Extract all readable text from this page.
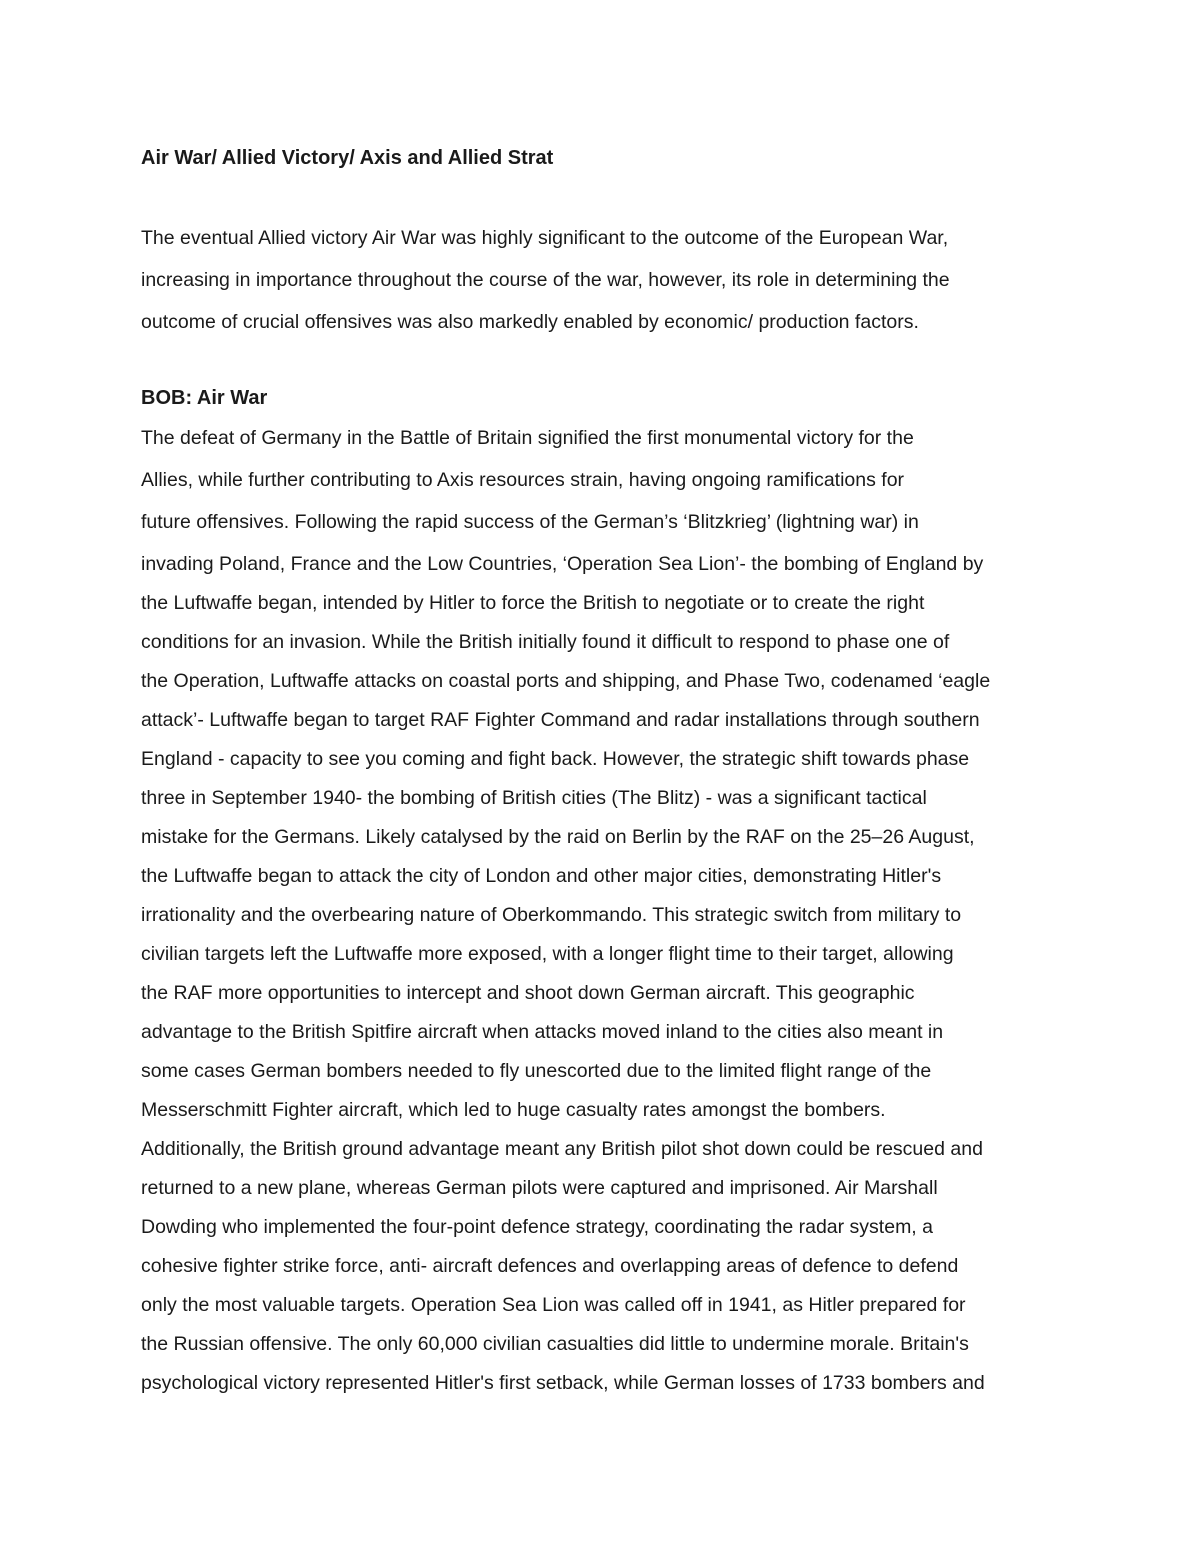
Air War/ Allied Victory/ Axis and Allied Strat
The eventual Allied victory Air War was highly significant to the outcome of the European War,
increasing in importance throughout the course of the war, however, its role in determining the
outcome of crucial offensives was also markedly enabled by economic/ production factors.
BOB: Air War
The defeat of Germany in the Battle of Britain signified the first monumental victory for the
Allies, while further contributing to Axis resources strain, having ongoing ramifications for
future offensives. Following the rapid success of the German’s ‘Blitzkrieg’ (lightning war) in
invading Poland, France and the Low Countries, ‘Operation Sea Lion’- the bombing of England by
the Luftwaffe began, intended by Hitler to force the British to negotiate or to create the right
conditions for an invasion. While the British initially found it difficult to respond to phase one of
the Operation, Luftwaffe attacks on coastal ports and shipping, and Phase Two, codenamed ‘eagle
attack’- Luftwaffe began to target RAF Fighter Command and radar installations through southern
England - capacity to see you coming and fight back. However, the strategic shift towards phase
three in September 1940- the bombing of British cities (The Blitz) - was a significant tactical
mistake for the Germans. Likely catalysed by the raid on Berlin by the RAF on the 25–26 August,
the Luftwaffe began to attack the city of London and other major cities, demonstrating Hitler's
irrationality and the overbearing nature of Oberkommando. This strategic switch from military to
civilian targets left the Luftwaffe more exposed, with a longer flight time to their target, allowing
the RAF more opportunities to intercept and shoot down German aircraft. This geographic
advantage to the British Spitfire aircraft when attacks moved inland to the cities also meant in
some cases German bombers needed to fly unescorted due to the limited flight range of the
Messerschmitt Fighter aircraft, which led to huge casualty rates amongst the bombers.
Additionally, the British ground advantage meant any British pilot shot down could be rescued and
returned to a new plane, whereas German pilots were captured and imprisoned. Air Marshall
Dowding who implemented the four-point defence strategy, coordinating the radar system, a
cohesive fighter strike force, anti- aircraft defences and overlapping areas of defence to defend
only the most valuable targets. Operation Sea Lion was called off in 1941, as Hitler prepared for
the Russian offensive. The only 60,000 civilian casualties did little to undermine morale. Britain's
psychological victory represented Hitler's first setback, while German losses of 1733 bombers and
